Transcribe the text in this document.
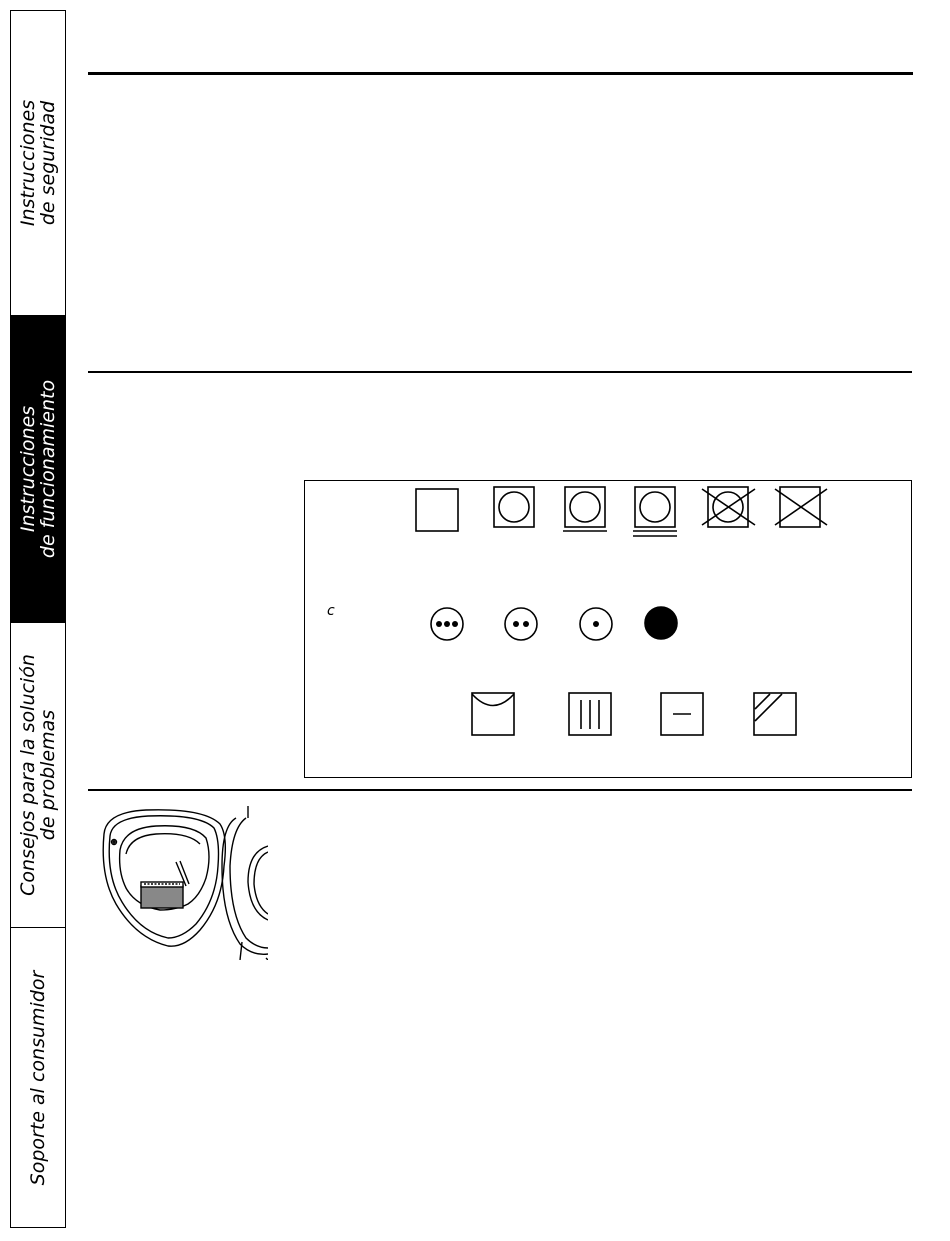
Instrucciones
de seguridad
Instrucciones
de funcionamiento
Consejos para la solución
de problemas
Soporte al consumidor
c
